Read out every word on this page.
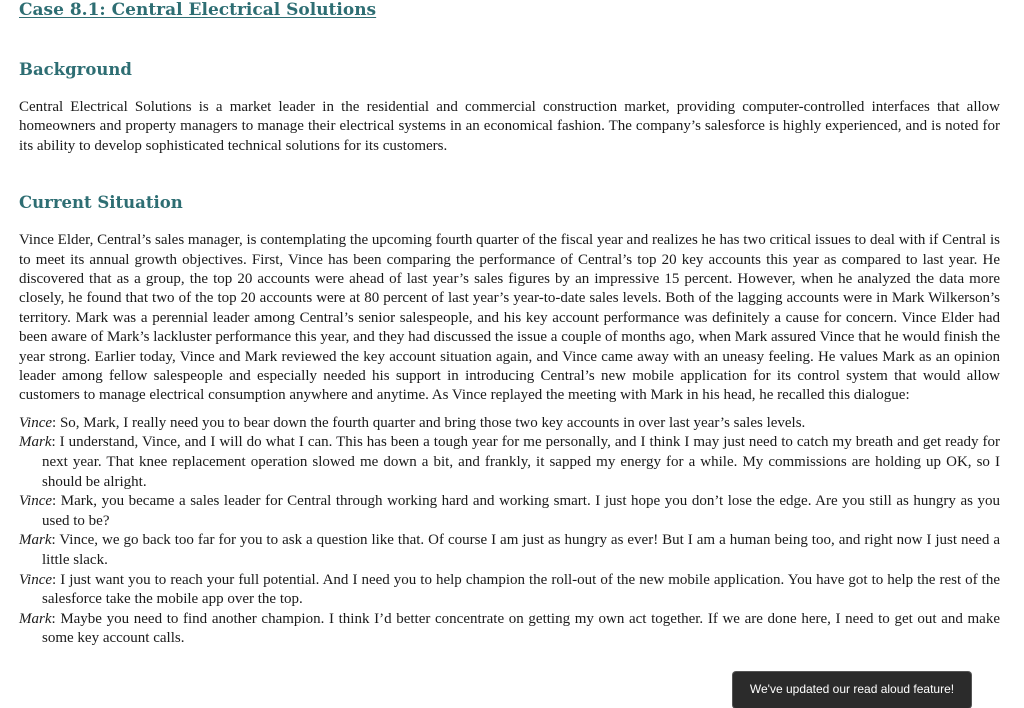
Case 8.1: Central Electrical Solutions
Background

Central Electrical Solutions is a market leader in the residential and commercial construction market, providing computer-controlled interfaces that allow homeowners and property managers to manage their electrical systems in an economical fashion. The company’s salesforce is highly experienced, and is noted for its ability to develop sophisticated technical solutions for its customers.

Current Situation

Vince Elder, Central’s sales manager, is contemplating the upcoming fourth quarter of the fiscal year and realizes he has two critical issues to deal with if Central is to meet its annual growth objectives. First, Vince has been comparing the performance of Central’s top 20 key accounts this year as compared to last year. He discovered that as a group, the top 20 accounts were ahead of last year’s sales figures by an impressive 15 percent. However, when he analyzed the data more closely, he found that two of the top 20 accounts were at 80 percent of last year’s year-to-date sales levels. Both of the lagging accounts were in Mark Wilkerson’s territory. Mark was a perennial leader among Central’s senior salespeople, and his key account performance was definitely a cause for concern. Vince Elder had been aware of Mark’s lackluster performance this year, and they had discussed the issue a couple of months ago, when Mark assured Vince that he would finish the year strong. Earlier today, Vince and Mark reviewed the key account situation again, and Vince came away with an uneasy feeling. He values Mark as an opinion leader among fellow salespeople and especially needed his support in introducing Central’s new mobile application for its control system that would allow customers to manage electrical consumption anywhere and anytime. As Vince replayed the meeting with Mark in his head, he recalled this dialogue:

Vince: So, Mark, I really need you to bear down the fourth quarter and bring those two key accounts in over last year’s sales levels.
Mark: I understand, Vince, and I will do what I can. This has been a tough year for me personally, and I think I may just need to catch my breath and get ready for next year. That knee replacement operation slowed me down a bit, and frankly, it sapped my energy for a while. My commissions are holding up OK, so I should be alright.
Vince: Mark, you became a sales leader for Central through working hard and working smart. I just hope you don’t lose the edge. Are you still as hungry as you used to be?
Mark: Vince, we go back too far for you to ask a question like that. Of course I am just as hungry as ever! But I am a human being too, and right now I just need a little slack.
Vince: I just want you to reach your full potential. And I need you to help champion the roll-out of the new mobile application. You have got to help the rest of the salesforce take the mobile app over the top.
Mark: Maybe you need to find another champion. I think I’d better concentrate on getting my own act together. If we are done here, I need to get out and make some key account calls.
We've updated our read aloud feature!
